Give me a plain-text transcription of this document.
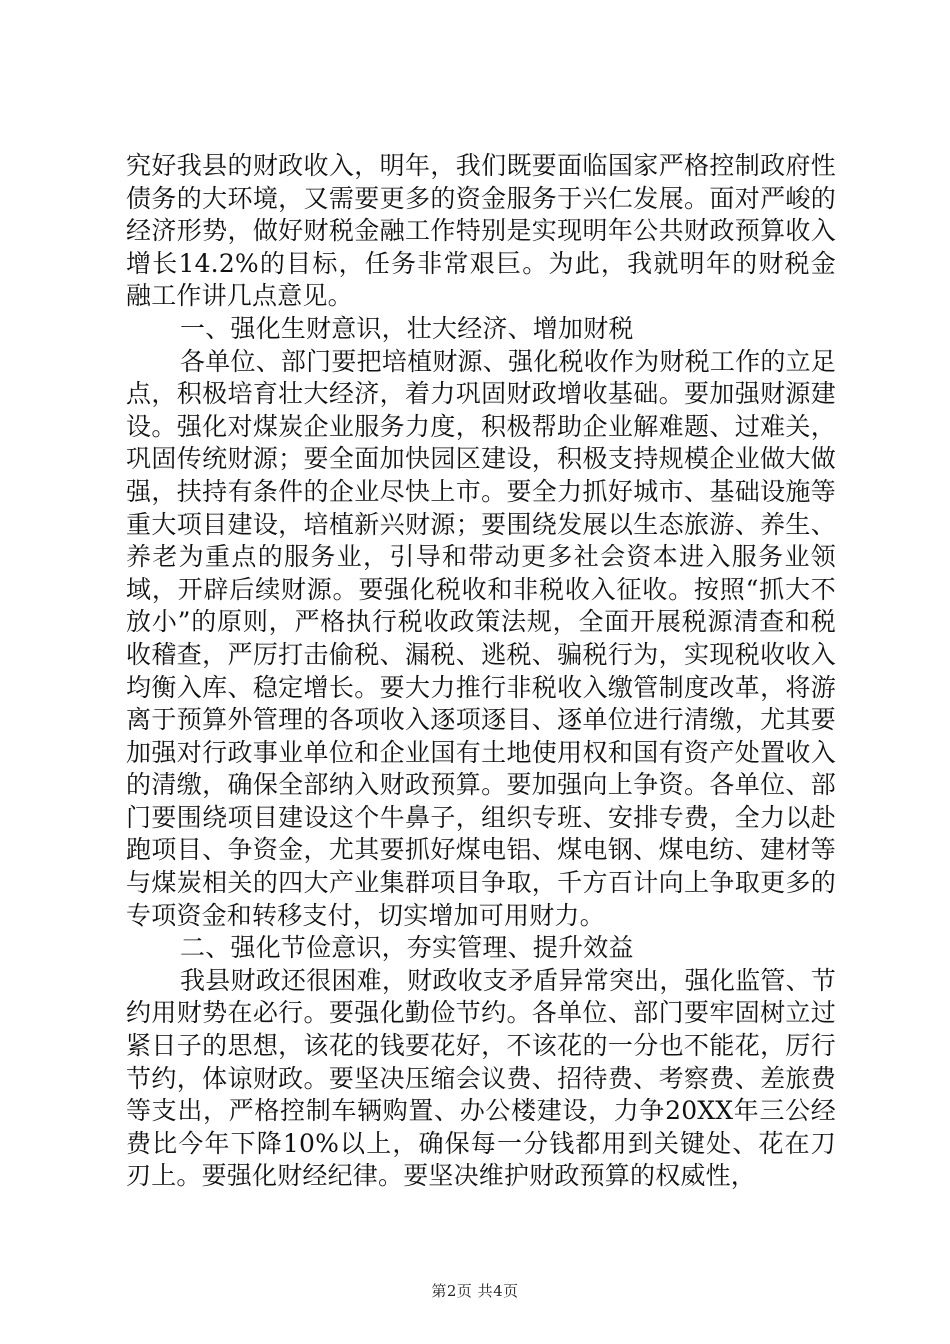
究好我县的财政收入，明年，我们既要面临国家严格控制政府性债务的大环境，又需要更多的资金服务于兴仁发展。面对严峻的经济形势，做好财税金融工作特别是实现明年公共财政预算收入增长14.2%的目标，任务非常艰巨。为此，我就明年的财税金融工作讲几点意见。

一、强化生财意识，壮大经济、增加财税

各单位、部门要把培植财源、强化税收作为财税工作的立足点，积极培育壮大经济，着力巩固财政增收基础。要加强财源建设。强化对煤炭企业服务力度，积极帮助企业解难题、过难关，巩固传统财源；要全面加快园区建设，积极支持规模企业做大做强，扶持有条件的企业尽快上市。要全力抓好城市、基础设施等重大项目建设，培植新兴财源；要围绕发展以生态旅游、养生、养老为重点的服务业，引导和带动更多社会资本进入服务业领域，开辟后续财源。要强化税收和非税收入征收。按照“抓大不放小”的原则，严格执行税收政策法规，全面开展税源清查和税收稽查，严厉打击偷税、漏税、逃税、骗税行为，实现税收收入均衡入库、稳定增长。要大力推行非税收入缴管制度改革，将游离于预算外管理的各项收入逐项逐目、逐单位进行清缴，尤其要加强对行政事业单位和企业国有土地使用权和国有资产处置收入的清缴，确保全部纳入财政预算。要加强向上争资。各单位、部门要围绕项目建设这个牛鼻子，组织专班、安排专费，全力以赴跑项目、争资金，尤其要抓好煤电铝、煤电钢、煤电纺、建材等与煤炭相关的四大产业集群项目争取，千方百计向上争取更多的专项资金和转移支付，切实增加可用财力。

二、强化节俭意识，夯实管理、提升效益

我县财政还很困难，财政收支矛盾异常突出，强化监管、节约用财势在必行。要强化勤俭节约。各单位、部门要牢固树立过紧日子的思想，该花的钱要花好，不该花的一分也不能花，厉行节约，体谅财政。要坚决压缩会议费、招待费、考察费、差旅费等支出，严格控制车辆购置、办公楼建设，力争20XX年三公经费比今年下降10%以上，确保每一分钱都用到关键处、花在刀刃上。要强化财经纪律。要坚决维护财政预算的权威性，

第2页 共4页
